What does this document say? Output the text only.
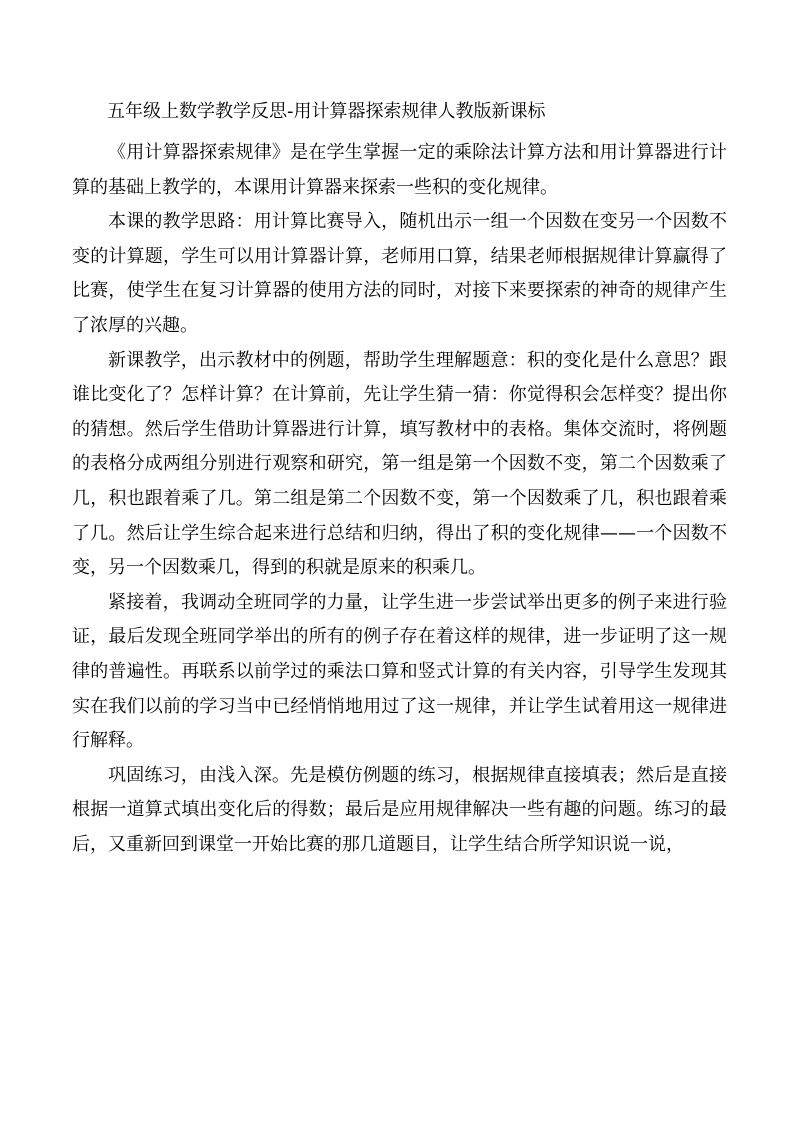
五年级上数学教学反思-用计算器探索规律人教版新课标

《用计算器探索规律》是在学生掌握一定的乘除法计算方法和用计算器进行计算的基础上教学的，本课用计算器来探索一些积的变化规律。

本课的教学思路：用计算比赛导入，随机出示一组一个因数在变另一个因数不变的计算题，学生可以用计算器计算，老师用口算，结果老师根据规律计算赢得了比赛，使学生在复习计算器的使用方法的同时，对接下来要探索的神奇的规律产生了浓厚的兴趣。

新课教学，出示教材中的例题，帮助学生理解题意：积的变化是什么意思？跟谁比变化了？怎样计算？在计算前，先让学生猜一猜：你觉得积会怎样变？提出你的猜想。然后学生借助计算器进行计算，填写教材中的表格。集体交流时，将例题的表格分成两组分别进行观察和研究，第一组是第一个因数不变，第二个因数乘了几，积也跟着乘了几。第二组是第二个因数不变，第一个因数乘了几，积也跟着乘了几。然后让学生综合起来进行总结和归纳，得出了积的变化规律——一个因数不变，另一个因数乘几，得到的积就是原来的积乘几。

紧接着，我调动全班同学的力量，让学生进一步尝试举出更多的例子来进行验证，最后发现全班同学举出的所有的例子存在着这样的规律，进一步证明了这一规律的普遍性。再联系以前学过的乘法口算和竖式计算的有关内容，引导学生发现其实在我们以前的学习当中已经悄悄地用过了这一规律，并让学生试着用这一规律进行解释。

巩固练习，由浅入深。先是模仿例题的练习，根据规律直接填表；然后是直接根据一道算式填出变化后的得数；最后是应用规律解决一些有趣的问题。练习的最后，又重新回到课堂一开始比赛的那几道题目，让学生结合所学知识说一说，
